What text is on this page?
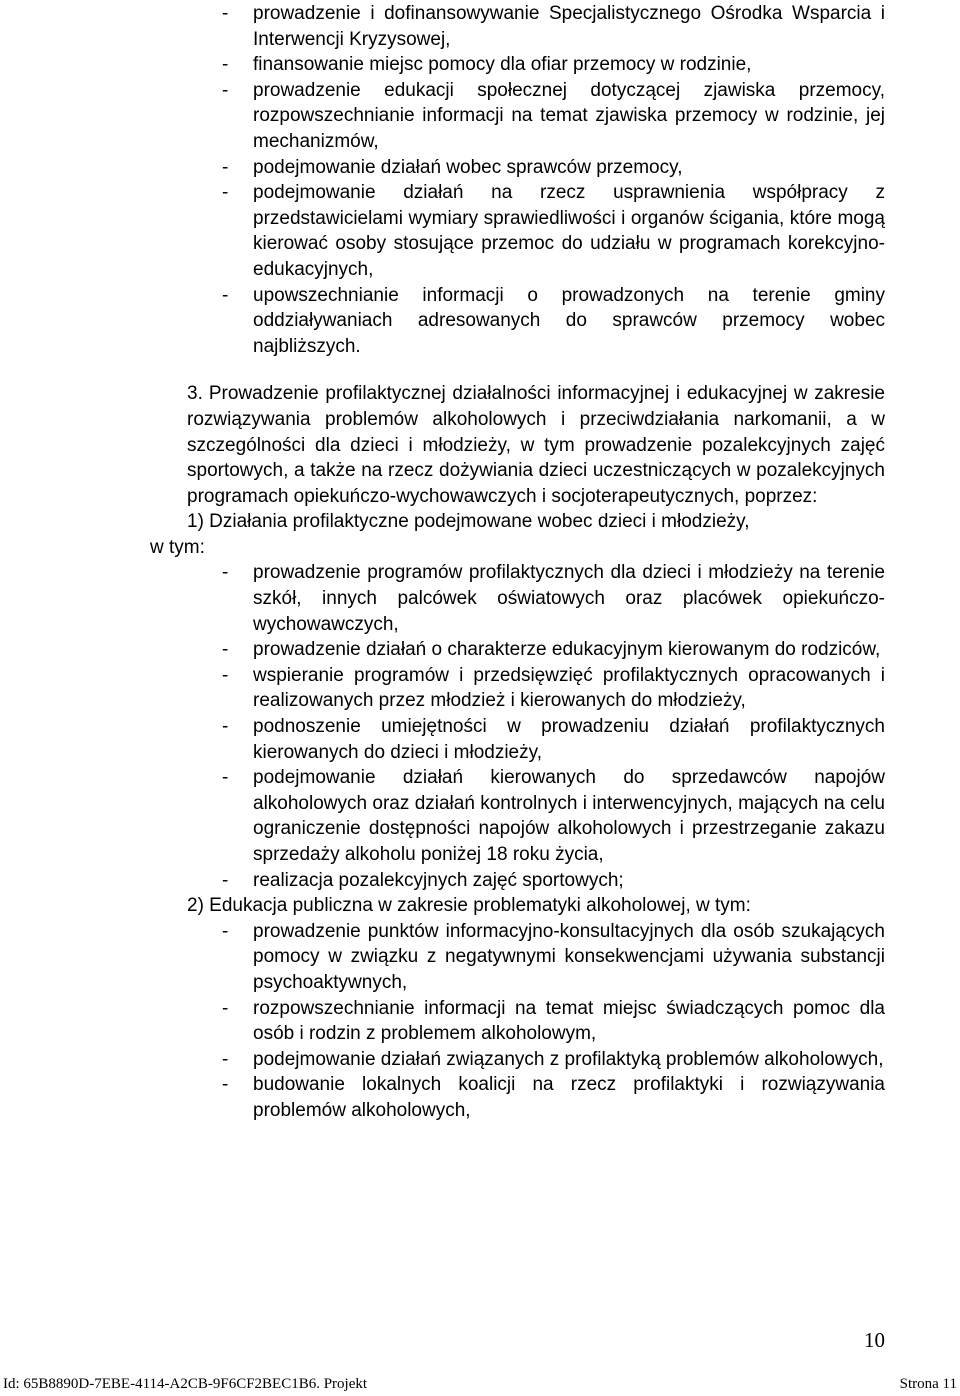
- prowadzenie i dofinansowywanie Specjalistycznego Ośrodka Wsparcia i Interwencji Kryzysowej,
- finansowanie miejsc pomocy dla ofiar przemocy w rodzinie,
- prowadzenie edukacji społecznej dotyczącej zjawiska przemocy, rozpowszechnianie informacji na temat zjawiska przemocy w rodzinie, jej mechanizmów,
- podejmowanie działań wobec sprawców przemocy,
- podejmowanie działań na rzecz usprawnienia współpracy z przedstawicielami wymiary sprawiedliwości i organów ścigania, które mogą kierować osoby stosujące przemoc do udziału w programach korekcyjno-edukacyjnych,
- upowszechnianie informacji o prowadzonych na terenie gminy oddziaływaniach adresowanych do sprawców przemocy wobec najbliższych.
3. Prowadzenie profilaktycznej działalności informacyjnej i edukacyjnej w zakresie rozwiązywania problemów alkoholowych i przeciwdziałania narkomanii, a w szczególności dla dzieci i młodzieży, w tym prowadzenie pozalekcyjnych zajęć sportowych, a także na rzecz dożywiania dzieci uczestniczących w pozalekcyjnych programach opiekuńczo-wychowawczych i socjoterapeutycznych, poprzez:
1) Działania profilaktyczne podejmowane wobec dzieci i młodzieży,
w tym:
- prowadzenie programów profilaktycznych dla dzieci i młodzieży na terenie szkół, innych palcówek oświatowych oraz placówek opiekuńczo-wychowawczych,
- prowadzenie działań o charakterze edukacyjnym kierowanym do rodziców,
- wspieranie programów i przedsięwzięć profilaktycznych opracowanych i realizowanych przez młodzież i kierowanych do młodzieży,
- podnoszenie umiejętności w prowadzeniu działań profilaktycznych kierowanych do dzieci i młodzieży,
- podejmowanie działań kierowanych do sprzedawców napojów alkoholowych oraz działań kontrolnych i interwencyjnych, mających na celu ograniczenie dostępności napojów alkoholowych i przestrzeganie zakazu sprzedaży alkoholu poniżej 18 roku życia,
- realizacja pozalekcyjnych zajęć sportowych;
2) Edukacja publiczna w zakresie problematyki alkoholowej, w tym:
- prowadzenie punktów informacyjno-konsultacyjnych dla osób szukających pomocy w związku z negatywnymi konsekwencjami używania substancji psychoaktywnych,
- rozpowszechnianie informacji na temat miejsc świadczących pomoc dla osób i rodzin z problemem alkoholowym,
- podejmowanie działań związanych z profilaktyką problemów alkoholowych,
- budowanie lokalnych koalicji na rzecz profilaktyki i rozwiązywania problemów alkoholowych,
10
Id: 65B8890D-7EBE-4114-A2CB-9F6CF2BEC1B6. Projekt	Strona 11
